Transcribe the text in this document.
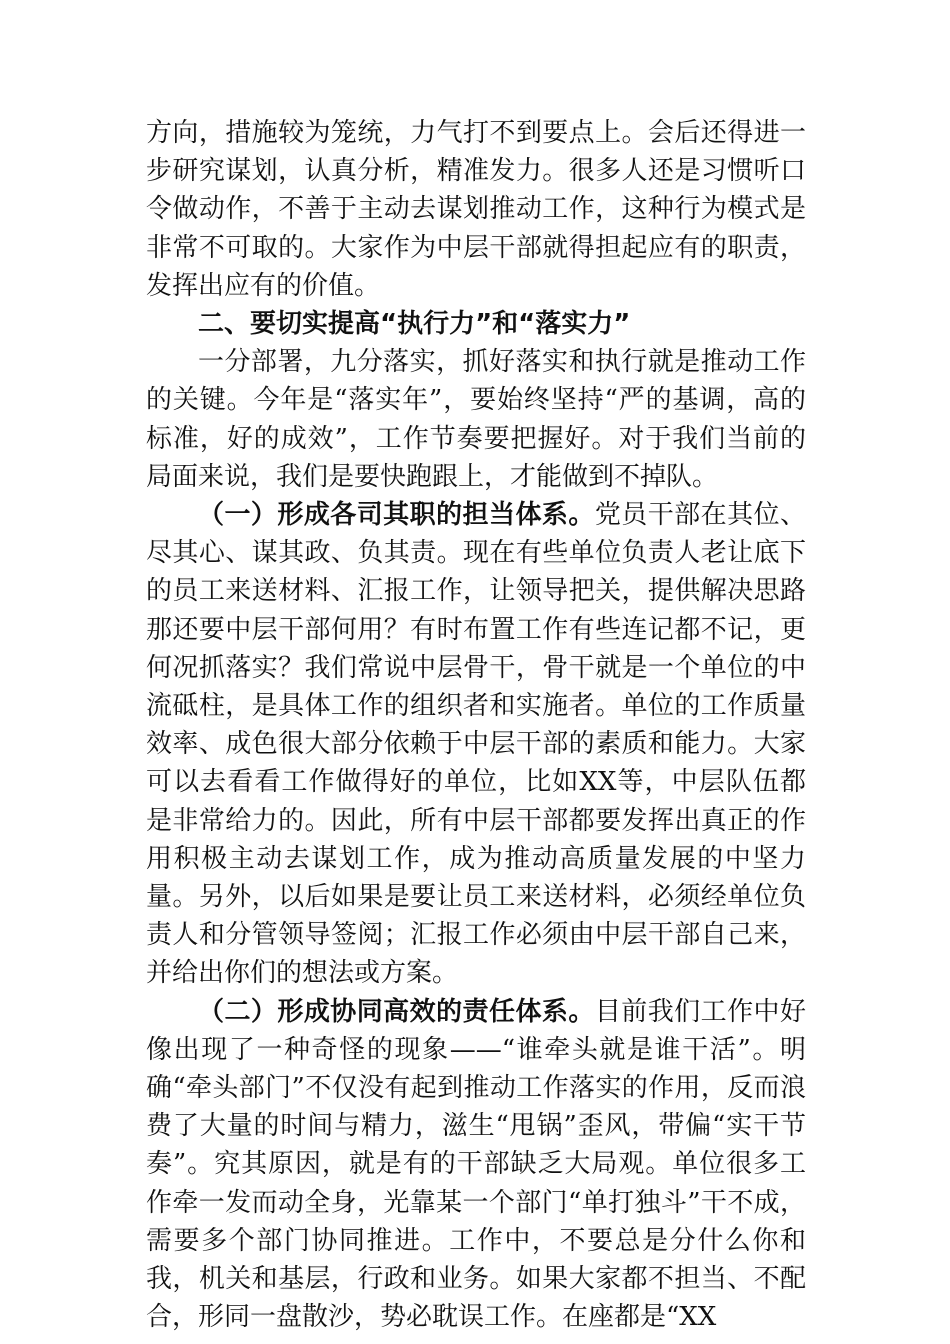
方向，措施较为笼统，力气打不到要点上。会后还得进一步研究谋划，认真分析，精准发力。很多人还是习惯听口令做动作，不善于主动去谋划推动工作，这种行为模式是非常不可取的。大家作为中层干部就得担起应有的职责，发挥出应有的价值。

二、要切实提高“执行力”和“落实力”

一分部署，九分落实，抓好落实和执行就是推动工作的关键。今年是“落实年”，要始终坚持“严的基调，高的标准，好的成效”，工作节奏要把握好。对于我们当前的局面来说，我们是要快跑跟上，才能做到不掉队。

（一）形成各司其职的担当体系。党员干部在其位、尽其心、谋其政、负其责。现在有些单位负责人老让底下的员工来送材料、汇报工作，让领导把关，提供解决思路那还要中层干部何用？有时布置工作有些连记都不记，更何况抓落实？我们常说中层骨干，骨干就是一个单位的中流砥柱，是具体工作的组织者和实施者。单位的工作质量效率、成色很大部分依赖于中层干部的素质和能力。大家可以去看看工作做得好的单位，比如XX等，中层队伍都是非常给力的。因此，所有中层干部都要发挥出真正的作用积极主动去谋划工作，成为推动高质量发展的中坚力量。另外，以后如果是要让员工来送材料，必须经单位负责人和分管领导签阅；汇报工作必须由中层干部自己来，并给出你们的想法或方案。

（二）形成协同高效的责任体系。目前我们工作中好像出现了一种奇怪的现象——“谁牵头就是谁干活”。明确“牵头部门”不仅没有起到推动工作落实的作用，反而浪费了大量的时间与精力，滋生“甩锅”歪风，带偏“实干节奏”。究其原因，就是有的干部缺乏大局观。单位很多工作牵一发而动全身，光靠某一个部门“单打独斗”干不成，需要多个部门协同推进。工作中，不要总是分什么你和我，机关和基层，行政和业务。如果大家都不担当、不配合，形同一盘散沙，势必耽误工作。在座都是“XX
